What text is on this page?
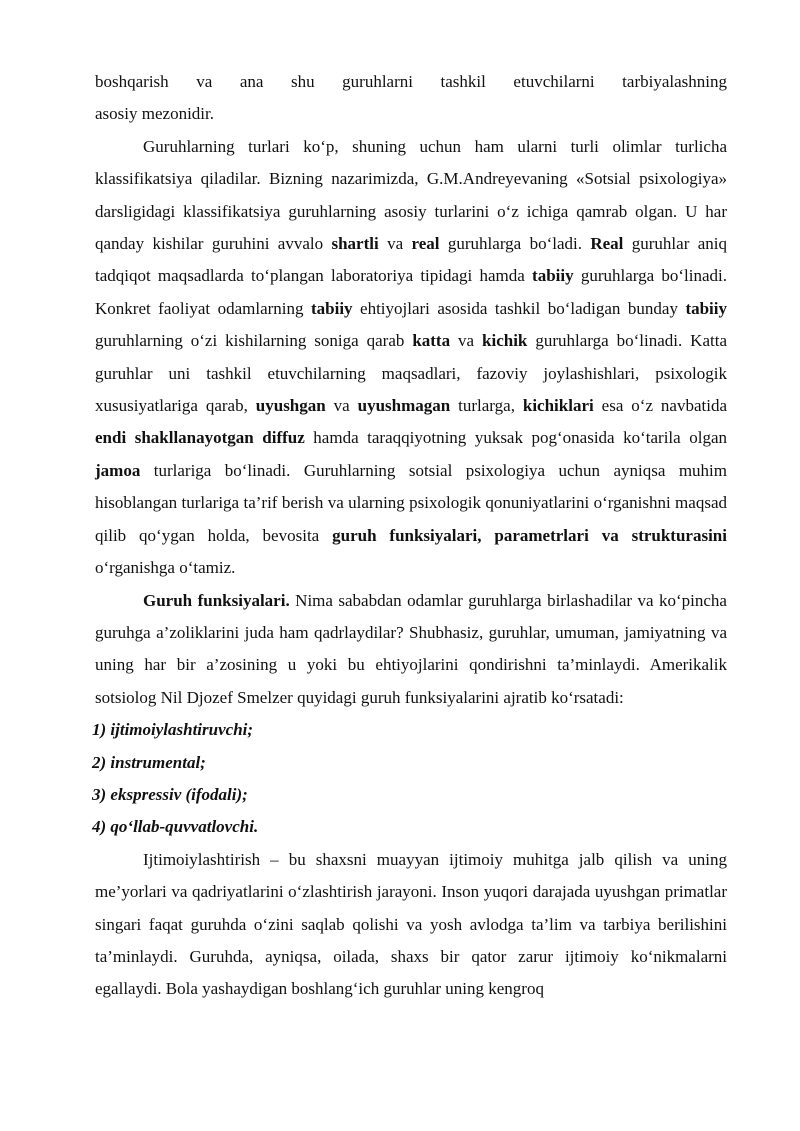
boshqarish va ana shu guruhlarni tashkil etuvchilarni tarbiyalashning

asosiy mezonidir.

Guruhlarning turlari ko‘p, shuning uchun ham ularni turli olimlar turlicha klassifikatsiya qiladilar. Bizning nazarimizda, G.M.Andreyevaning «Sotsial psixologiya» darsligidagi klassifikatsiya guruhlarning asosiy turlarini o‘z ichiga qamrab olgan. U har qanday kishilar guruhini avvalo shartli va real guruhlarga bo‘ladi. Real guruhlar aniq tadqiqot maqsadlarda to‘plangan laboratoriya tipidagi hamda tabiiy guruhlarga bo‘linadi. Konkret faoliyat odamlarning tabiiy ehtiyojlari asosida tashkil bo‘ladigan bunday tabiiy guruhlarning o‘zi kishilarning soniga qarab katta va kichik guruhlarga bo‘linadi. Katta guruhlar uni tashkil etuvchilarning maqsadlari, fazoviy joylashishlari, psixologik xususiyatlariga qarab, uyushgan va uyushmagan turlarga, kichiklari esa o‘z navbatida endi shakllanayotgan diffuz hamda taraqqiyotning yuksak pog‘onasida ko‘tarila olgan jamoa turlariga bo‘linadi. Guruhlarning sotsial psixologiya uchun ayniqsa muhim hisoblangan turlariga ta’rif berish va ularning psixologik qonuniyatlarini o‘rganishni maqsad qilib qo‘ygan holda, bevosita guruh funksiyalari, parametrlari va strukturasini o‘rganishga o‘tamiz.

Guruh funksiyalari. Nima sababdan odamlar guruhlarga birlashadilar va ko‘pincha guruhga a’zoliklarini juda ham qadrlaydilar? Shubhasiz, guruhlar, umuman, jamiyatning va uning har bir a’zosining u yoki bu ehtiyojlarini qondirishni ta’minlaydi. Amerikalik sotsiolog Nil Djozef Smelzer quyidagi guruh funksiyalarini ajratib ko‘rsatadi:

1) ijtimoiylashtiruvchi;
2) instrumental;
3) ekspressiv (ifodali);
4) qo‘llab-quvvatlovchi.

Ijtimoiylashtirish – bu shaxsni muayyan ijtimoiy muhitga jalb qilish va uning me’yorlari va qadriyatlarini o‘zlashtirish jarayoni. Inson yuqori darajada uyushgan primatlar singari faqat guruhda o‘zini saqlab qolishi va yosh avlodga ta’lim va tarbiya berilishini ta’minlaydi. Guruhda, ayniqsa, oilada, shaxs bir qator zarur ijtimoiy ko‘nikmalarni egallaydi. Bola yashaydigan boshlang‘ich guruhlar uning kengroq
